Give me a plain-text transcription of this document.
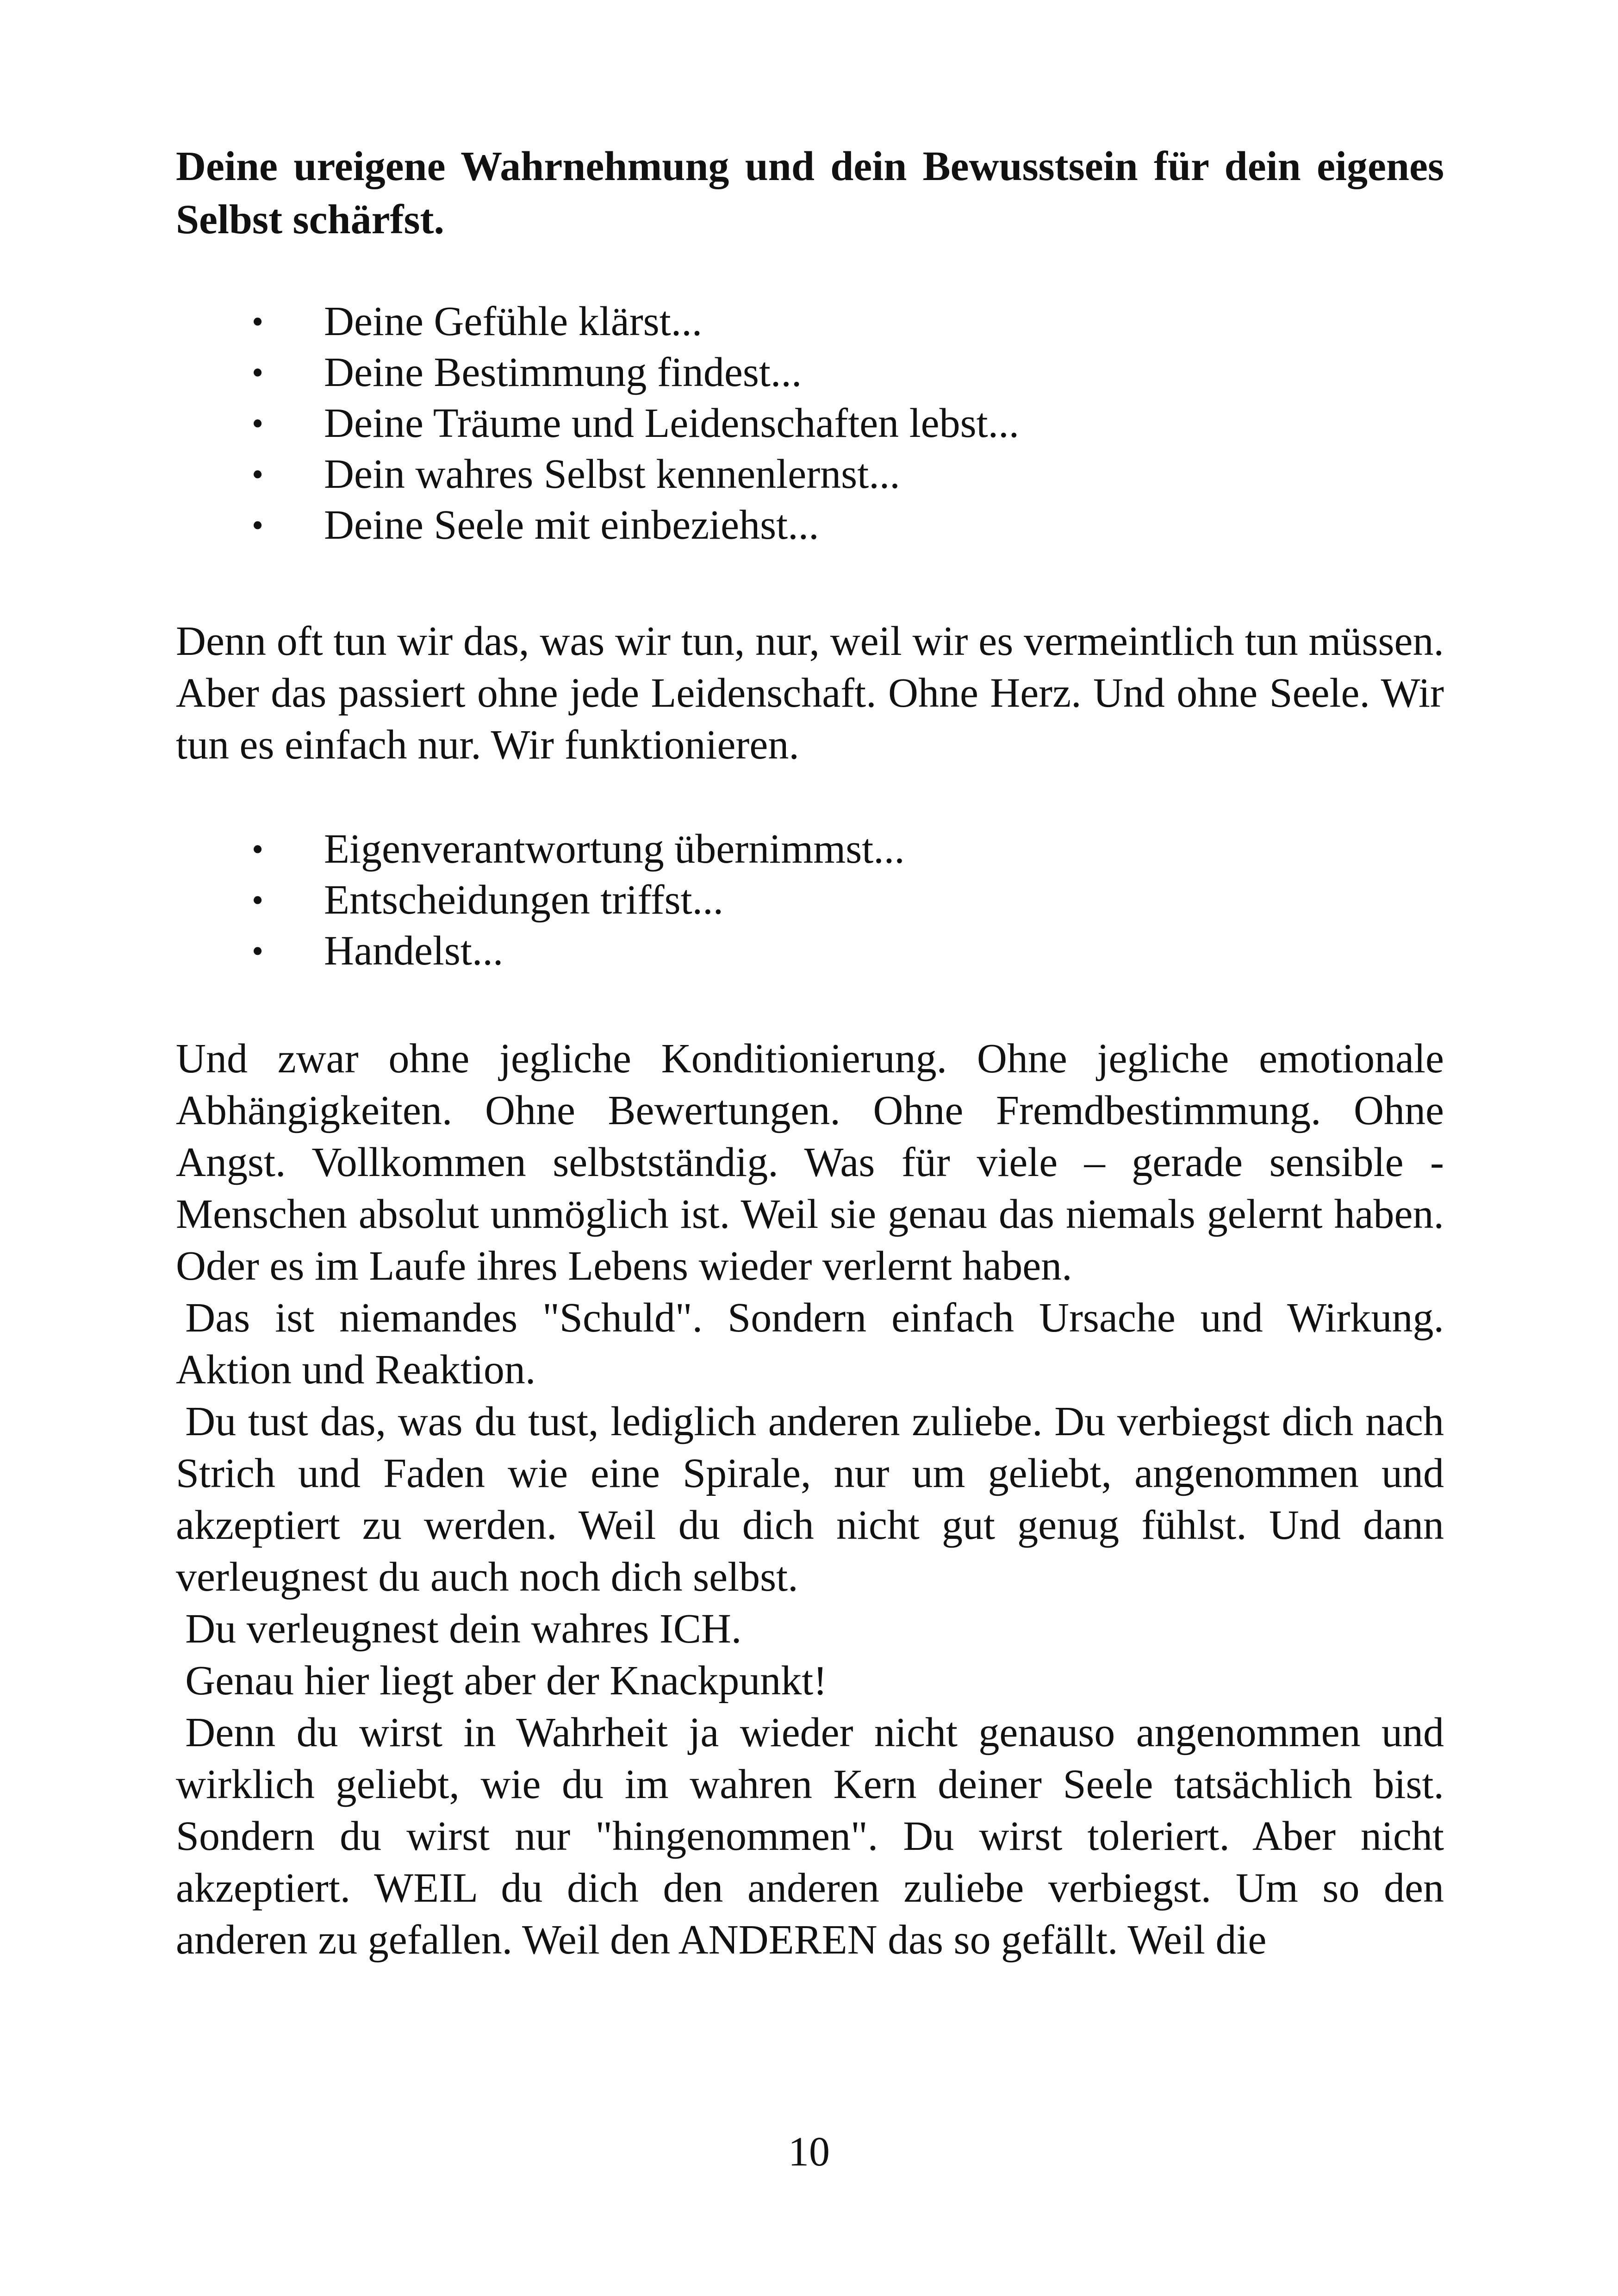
Deine ureigene Wahrnehmung und dein Bewusstsein für dein eigenes Selbst schärfst.

• Deine Gefühle klärst...
• Deine Bestimmung findest...
• Deine Träume und Leidenschaften lebst...
• Dein wahres Selbst kennenlernst...
• Deine Seele mit einbeziehst...

Denn oft tun wir das, was wir tun, nur, weil wir es vermeintlich tun müssen. Aber das passiert ohne jede Leidenschaft. Ohne Herz. Und ohne Seele. Wir tun es einfach nur. Wir funktionieren.

• Eigenverantwortung übernimmst...
• Entscheidungen triffst...
• Handelst...
Und zwar ohne jegliche Konditionierung. Ohne jegliche emotionale Abhängigkeiten. Ohne Bewertungen. Ohne Fremdbestimmung. Ohne Angst. Vollkommen selbstständig. Was für viele – gerade sensible - Menschen absolut unmöglich ist. Weil sie genau das niemals gelernt haben. Oder es im Laufe ihres Lebens wieder verlernt haben.
Das ist niemandes "Schuld". Sondern einfach Ursache und Wirkung. Aktion und Reaktion.
Du tust das, was du tust, lediglich anderen zuliebe. Du verbiegst dich nach Strich und Faden wie eine Spirale, nur um geliebt, angenommen und akzeptiert zu werden. Weil du dich nicht gut genug fühlst. Und dann verleugnest du auch noch dich selbst.
Du verleugnest dein wahres ICH.
Genau hier liegt aber der Knackpunkt!
Denn du wirst in Wahrheit ja wieder nicht genauso angenommen und wirklich geliebt, wie du im wahren Kern deiner Seele tatsächlich bist. Sondern du wirst nur "hingenommen". Du wirst toleriert. Aber nicht akzeptiert. WEIL du dich den anderen zuliebe verbiegst. Um so den anderen zu gefallen. Weil den ANDEREN das so gefällt. Weil die
10
